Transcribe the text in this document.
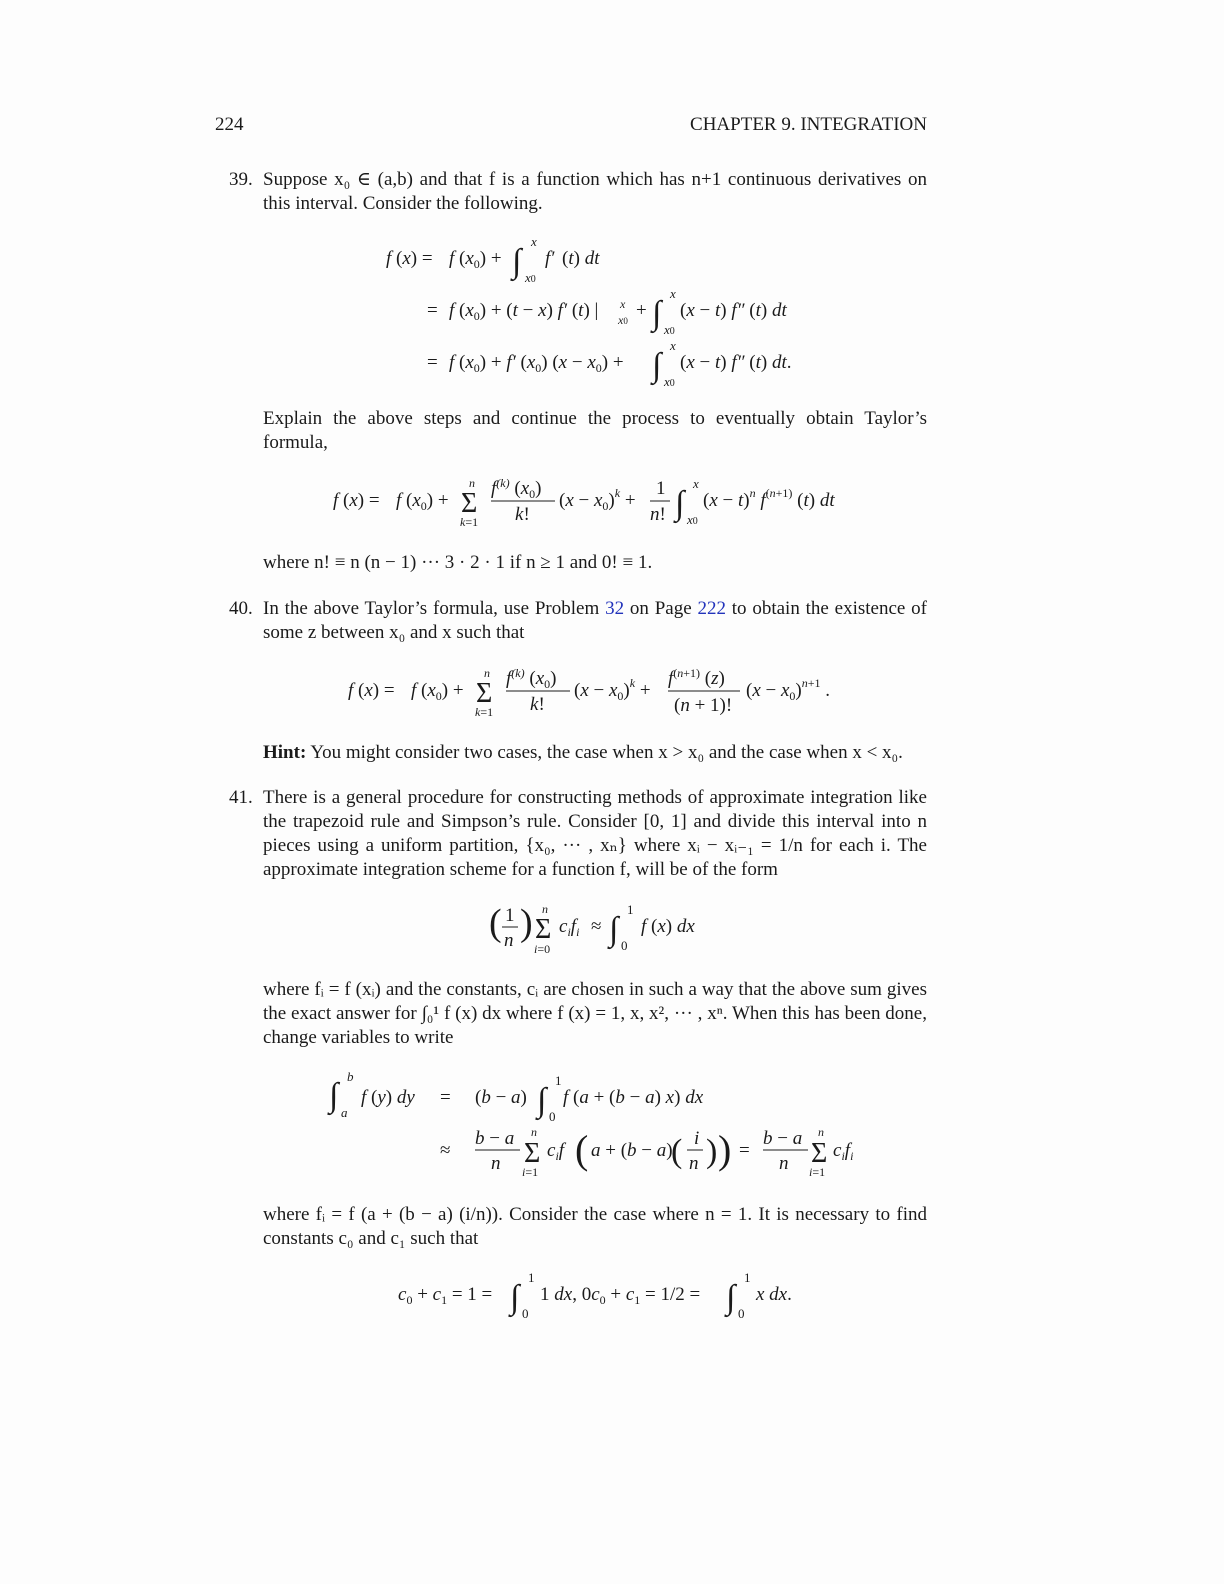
224	CHAPTER 9. INTEGRATION
39. Suppose x₀ ∈ (a,b) and that f is a function which has n+1 continuous derivatives on this interval. Consider the following.
f (x) = f $(x_0)$ + ∫
x
x0
f′ (t) dt
= f $(x_0) + (t - x)$ f′ (t) | x
x0 + ∫
x
x0
(x − t) f″ (t) dt
= f $(x_0) + f'$ $(x_0) (x - x_0)$ + ∫
x
x0
(x − t) f″ (t) dt.
Explain the above steps and continue the process to eventually obtain Taylor’s formula,
f (x) = f $(x_0) + \Sigma$
n
k=1
f(k) $(x_0)$
k!
$(x - x_0)^k$ +
1
n! ∫
x
x0
$(x - t)^n$ f(n+1) (t) dt
where n! ≡ n (n − 1) ··· 3 · 2 · 1 if n ≥ 1 and 0! ≡ 1.
40. In the above Taylor’s formula, use Problem 32 on Page 222 to obtain the existence of some z between x₀ and x such that
f (x) = f $(x_0) + \Sigma$
n
k=1
f(k) $(x_0)$
k!
$(x - x_0)^k$ +
f(n+1) (z)
(n + 1)!
$(x - x_0)^{n+1}$ .
Hint: You might consider two cases, the case when x > x₀ and the case when x < x₀.
41. There is a general procedure for constructing methods of approximate integration like the trapezoid rule and Simpson’s rule. Consider [0, 1] and divide this interval into n pieces using a uniform partition, {x₀, ··· , xₙ} where xᵢ − xᵢ₋₁ = 1/n for each i. The approximate integration scheme for a function f, will be of the form
( 1
n ) Σ
n
i=0
$c_if_i$ ≈ ∫
1
0
f (x) dx
where fᵢ = f (xᵢ) and the constants, cᵢ are chosen in such a way that the above sum gives the exact answer for ∫₀¹ f (x) dx where f (x) = 1, x, x², ··· , xⁿ. When this has been done, change variables to write
∫
b
a
f (y) dy = (b − a) ∫
1
0
f (a + (b − a) x) dx
≈
b − a
n Σ
n
i=1
$c_if$ ( a + (b − a)
( i
n ) ) =
b − a
n Σ
n
i=1
$c_if_i$
where fᵢ = f (a + (b − a) (i/n)). Consider the case where n = 1. It is necessary to find constants c₀ and c₁ such that
$c_0 + c_1 = 1$ = ∫
1
0
1 dx, $0c_0 + c_1 = 1/2$ = ∫
1
0
x dx.
